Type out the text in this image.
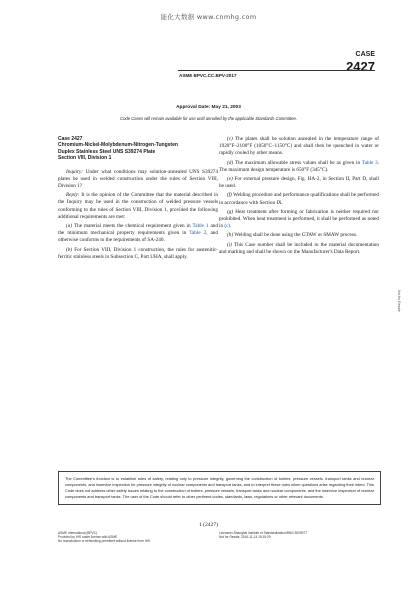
能化大数据 www.cnmhg.com
CASE
2427
ASME BPVC.CC.BPV-2017
Approval Date: May 21, 2003
Code Cases will remain available for use until annulled by the applicable Standards Committee.
Case 2427
Chromium-Nickel-Molybdenum-Nitrogen-Tungsten
Duplex Stainless Steel UNS S39274 Plate
Section VIII, Division 1

Inquiry: Under what conditions may solution-annealed UNS S39274 plates be used in welded construction under the rules of Section VIII, Division 1?

Reply: It is the opinion of the Committee that the material described in the Inquiry may be used in the construction of welded pressure vessels conforming to the rules of Section VIII, Division 1, provided the following additional requirements are met:

(a) The material meets the chemical requirement given in Table 1 and the minimum mechanical property requirements given in Table 2, and otherwise conforms to the requirements of SA-240.

(b) For Section VIII, Division 1 construction, the rules for austenitic-ferritic stainless steels in Subsection C, Part UHA, shall apply.

(c) The plates shall be solution annealed in the temperature range of 1920°F–2100°F (1050°C–1150°C) and shall then be quenched in water or rapidly cooled by other means.

(d) The maximum allowable stress values shall be as given in Table 3. The maximum design temperature is 650°F (345°C).

(e) For external pressure design, Fig. HA-2, in Section II, Part D, shall be used.

(f) Welding procedure and performance qualifications shall be performed in accordance with Section IX.

(g) Heat treatment after forming or fabrication is neither required nor prohibited. When heat treatment is performed, it shall be performed as noted in (c).

(h) Welding shall be done using the GTAW or SMAW process.

(i) This Case number shall be included in the material documentation and marking and shall be shown on the Manufacturer's Data Report.

The Committee's function is to establish rules of safety, relating only to pressure integrity, governing the construction of boilers, pressure vessels, transport tanks and nuclear components, and inservice inspection for pressure integrity of nuclear components and transport tanks, and to interpret these rules when questions arise regarding their intent. This Code does not address other safety issues relating to the construction of boilers, pressure vessels, transport tanks and nuclear components, and the inservice inspection of nuclear components and transport tanks. The user of the Code should refer to other pertinent codes, standards, laws, regulations or other relevant documents.
1 (2427)
ASME International (BPVC)
Provided by IHS under license with ASME
No reproduction or networking permitted without license from IHS
Licensee=Shanghai Institute of Standardization/5964 5009977
Not for Resale, 2016-11-14 15:15:29
Not for Resale
